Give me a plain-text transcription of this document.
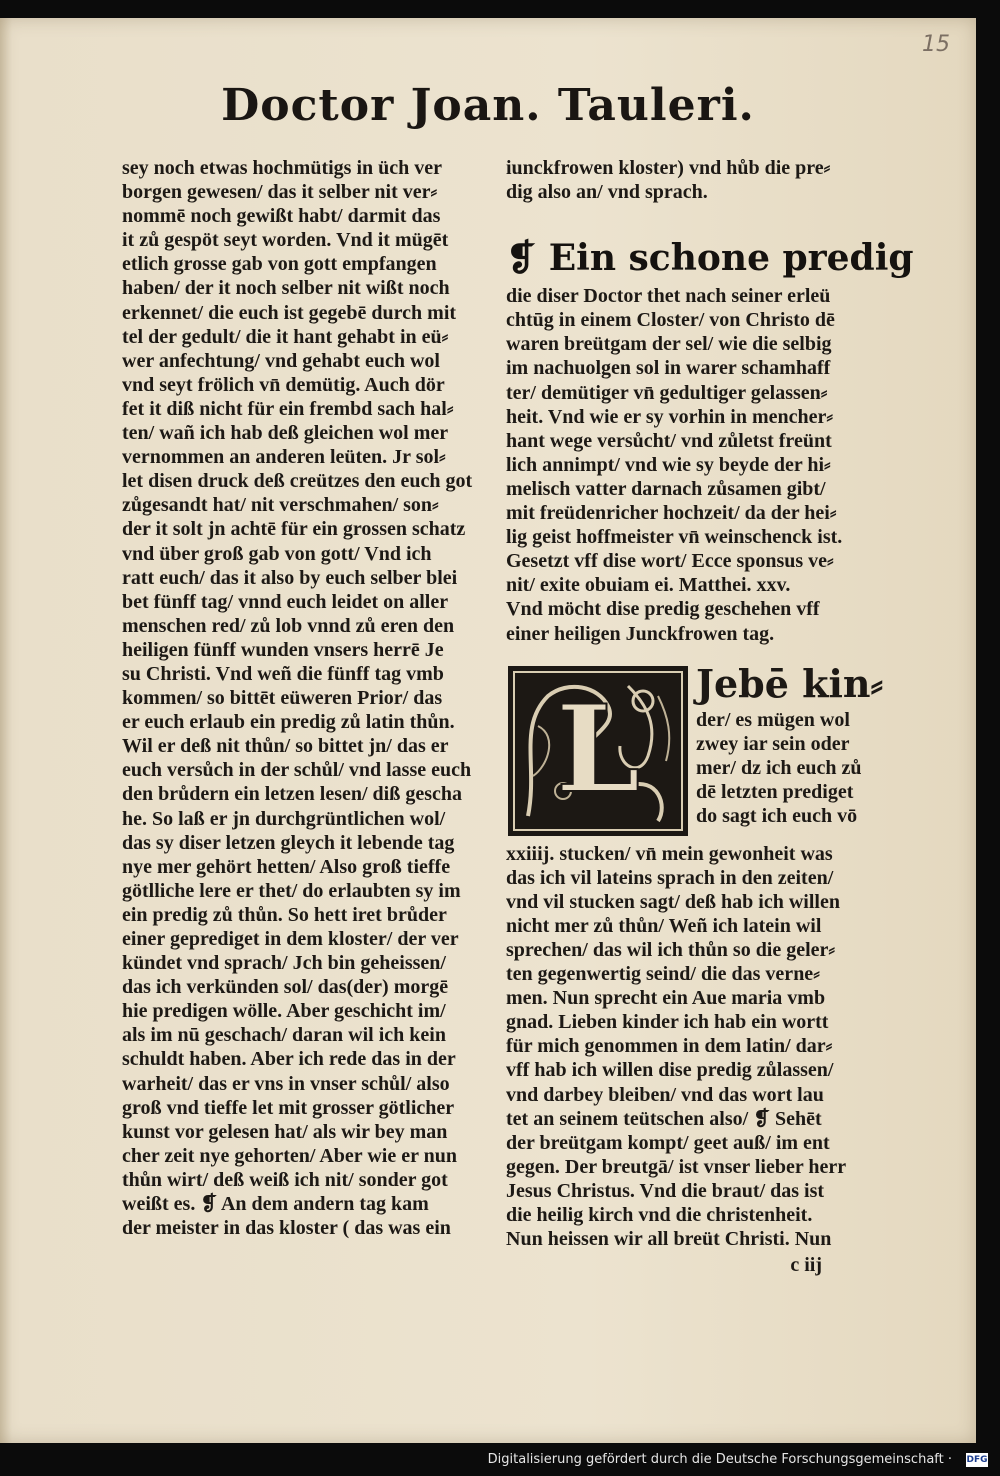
15
Doctor Joan. Tauleri.
sey noch etwas hochmütigs in üch ver
borgen gewesen/ das it selber nit ver⸗
nommē noch gewißt habt/ darmit das
it zů gespöt seyt worden. Vnd it mügēt
etlich grosse gab von gott empfangen
haben/ der it noch selber nit wißt noch
erkennet/ die euch ist gegebē durch mit
tel der gedult/ die it hant gehabt in eü⸗
wer anfechtung/ vnd gehabt euch wol
vnd seyt frölich vn̄ demütig. Auch dör
fet it diß nicht für ein frembd sach hal⸗
ten/ wañ ich hab deß gleichen wol mer
vernommen an anderen leüten. Jr sol⸗
let disen druck deß creützes den euch got
zůgesandt hat/ nit verschmahen/ son⸗
der it solt jn achtē für ein grossen schatz
vnd über groß gab von gott/ Vnd ich
ratt euch/ das it also by euch selber blei
bet fünff tag/ vnnd euch leidet on aller
menschen red/ zů lob vnnd zů eren den
heiligen fünff wunden vnsers herrē Je
su Christi. Vnd weñ die fünff tag vmb
kommen/ so bittēt eüweren Prior/ das
er euch erlaub ein predig zů latin thůn.
Wil er deß nit thůn/ so bittet jn/ das er
euch versůch in der schůl/ vnd lasse euch
den brůdern ein letzen lesen/ diß gescha
he. So laß er jn durchgrüntlichen wol/
das sy diser letzen gleych it lebende tag
nye mer gehört hetten/ Also groß tieffe
götlliche lere er thet/ do erlaubten sy im
ein predig zů thůn. So hett iret brůder
einer geprediget in dem kloster/ der ver
kündet vnd sprach/ Jch bin geheissen/
das ich verkünden sol/ das(der) morgē
hie predigen wölle. Aber geschicht im/
als im nū geschach/ daran wil ich kein
schuldt haben. Aber ich rede das in der
warheit/ das er vns in vnser schůl/ also
groß vnd tieffe let mit grosser götlicher
kunst vor gelesen hat/ als wir bey man
cher zeit nye gehorten/ Aber wie er nun
thůn wirt/ deß weiß ich nit/ sonder got
weißt es. ❡ An dem andern tag kam
der meister in das kloster ( das was ein
iunckfrowen kloster) vnd hůb die pre⸗
dig also an/ vnd sprach.
❡ Ein schone predig
die diser Doctor thet nach seiner erleü
chtūg in einem Closter/ von Christo dē
waren breütgam der sel/ wie die selbig
im nachuolgen sol in warer schamhaff
ter/ demütiger vn̄ gedultiger gelassen⸗
heit. Vnd wie er sy vorhin in mencher⸗
hant wege versůcht/ vnd zůletst freünt
lich annimpt/ vnd wie sy beyde der hi⸗
melisch vatter darnach zůsamen gibt/
mit freüdenricher hochzeit/ da der hei⸗
lig geist hoffmeister vn̄ weinschenck ist.
Gesetzt vff dise wort/ Ecce sponsus ve⸗
nit/ exite obuiam ei. Matthei. xxv.
Vnd möcht dise predig geschehen vff
einer heiligen Junckfrowen tag.
L Jebē kin⸗
der/ es mügen wol
zwey iar sein oder
mer/ dz ich euch zů
dē letzten prediget
do sagt ich euch vō
xxiiij. stucken/ vn̄ mein gewonheit was
das ich vil lateins sprach in den zeiten/
vnd vil stucken sagt/ deß hab ich willen
nicht mer zů thůn/ Weñ ich latein wil
sprechen/ das wil ich thůn so die geler⸗
ten gegenwertig seind/ die das verne⸗
men. Nun sprecht ein Aue maria vmb
gnad. Lieben kinder ich hab ein wortt
für mich genommen in dem latin/ dar⸗
vff hab ich willen dise predig zůlassen/
vnd darbey bleiben/ vnd das wort lau
tet an seinem teütschen also/ ❡ Sehēt
der breütgam kompt/ geet auß/ im ent
gegen. Der breutgā/ ist vnser lieber herr
Jesus Christus. Vnd die braut/ das ist
die heilig kirch vnd die christenheit.
Nun heissen wir all breüt Christi. Nun
c iij
Digitalisierung gefördert durch die Deutsche Forschungsgemeinschaft ·	DFG
